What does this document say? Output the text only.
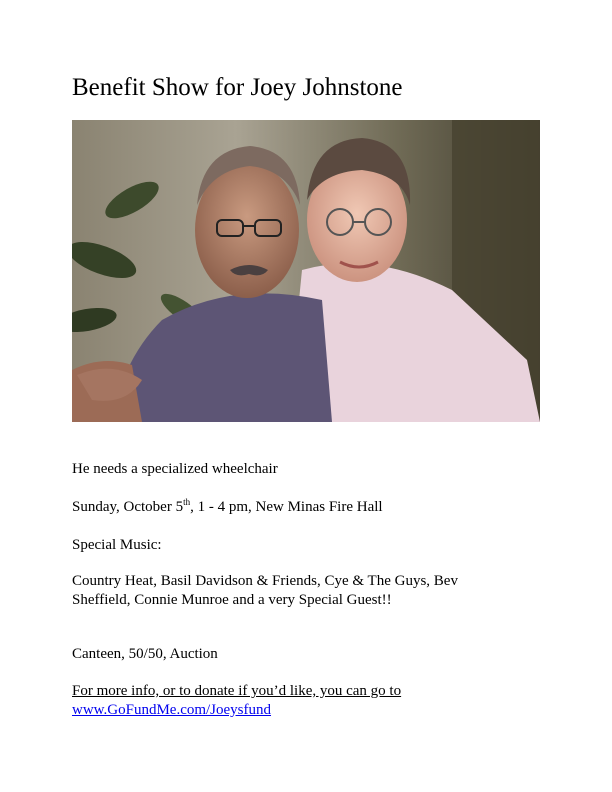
Benefit Show for Joey Johnstone
He needs a specialized wheelchair
Sunday, October 5th, 1 - 4 pm, New Minas Fire Hall
Special Music:
Country Heat, Basil Davidson & Friends, Cye & The Guys, Bev
Sheffield, Connie Munroe and a very Special Guest!!
Canteen, 50/50, Auction
For more info, or to donate if you’d like, you can go to
www.GoFundMe.com/Joeysfund
